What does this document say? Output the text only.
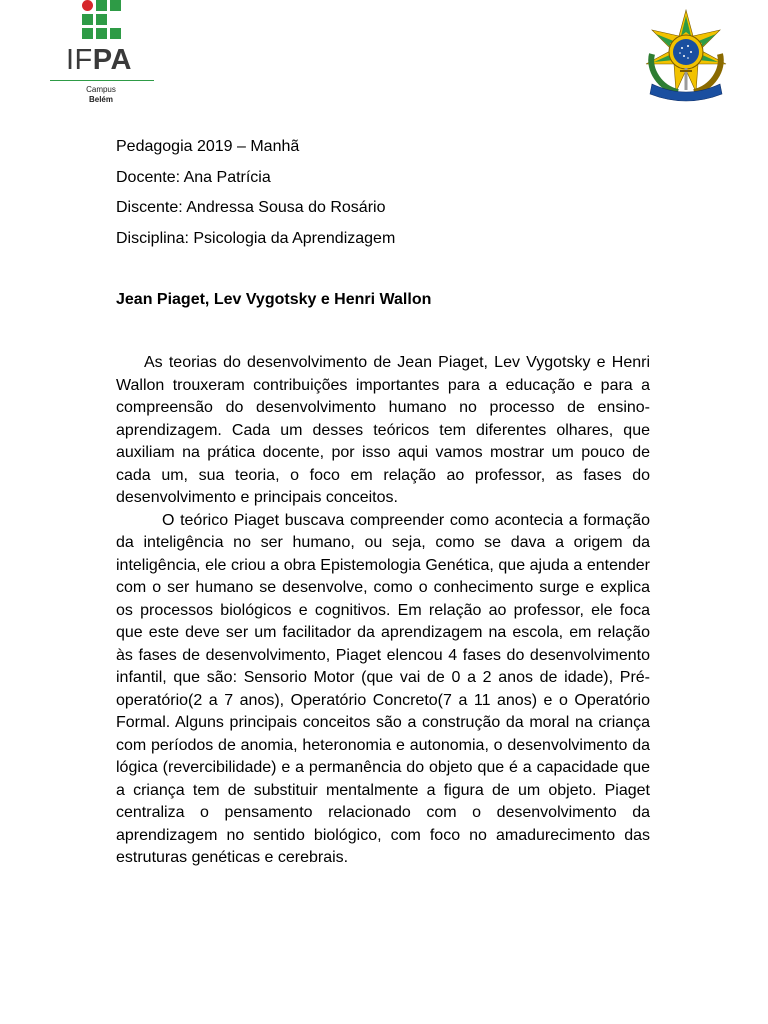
IFPA
Campus
Belém
Pedagogia 2019 – Manhã
Docente: Ana Patrícia
Discente: Andressa Sousa do Rosário
Disciplina: Psicologia da Aprendizagem
Jean Piaget, Lev Vygotsky e Henri Wallon

As teorias do desenvolvimento de Jean Piaget, Lev Vygotsky e Henri Wallon trouxeram contribuições importantes para a educação e para a compreensão do desenvolvimento humano no processo de ensino-aprendizagem. Cada um desses teóricos tem diferentes olhares, que auxiliam na prática docente, por isso aqui vamos mostrar um pouco de cada um, sua teoria, o foco em relação ao professor, as fases do desenvolvimento e principais conceitos.

O teórico Piaget buscava compreender como acontecia a formação da inteligência no ser humano, ou seja, como se dava a origem da inteligência, ele criou a obra Epistemologia Genética, que ajuda a entender com o ser humano se desenvolve, como o conhecimento surge e explica os processos biológicos e cognitivos. Em relação ao professor, ele foca que este deve ser um facilitador da aprendizagem na escola, em relação às fases de desenvolvimento, Piaget elencou 4 fases do desenvolvimento infantil, que são: Sensorio Motor (que vai de 0 a 2 anos de idade), Pré-operatório(2 a 7 anos), Operatório Concreto(7 a 11 anos) e o Operatório Formal. Alguns principais conceitos são a construção da moral na criança com períodos de anomia, heteronomia e autonomia, o desenvolvimento da lógica (revercibilidade) e a permanência do objeto que é a capacidade que a criança tem de substituir mentalmente a figura de um objeto. Piaget centraliza o pensamento relacionado com o desenvolvimento da aprendizagem no sentido biológico, com foco no amadurecimento das estruturas genéticas e cerebrais.
